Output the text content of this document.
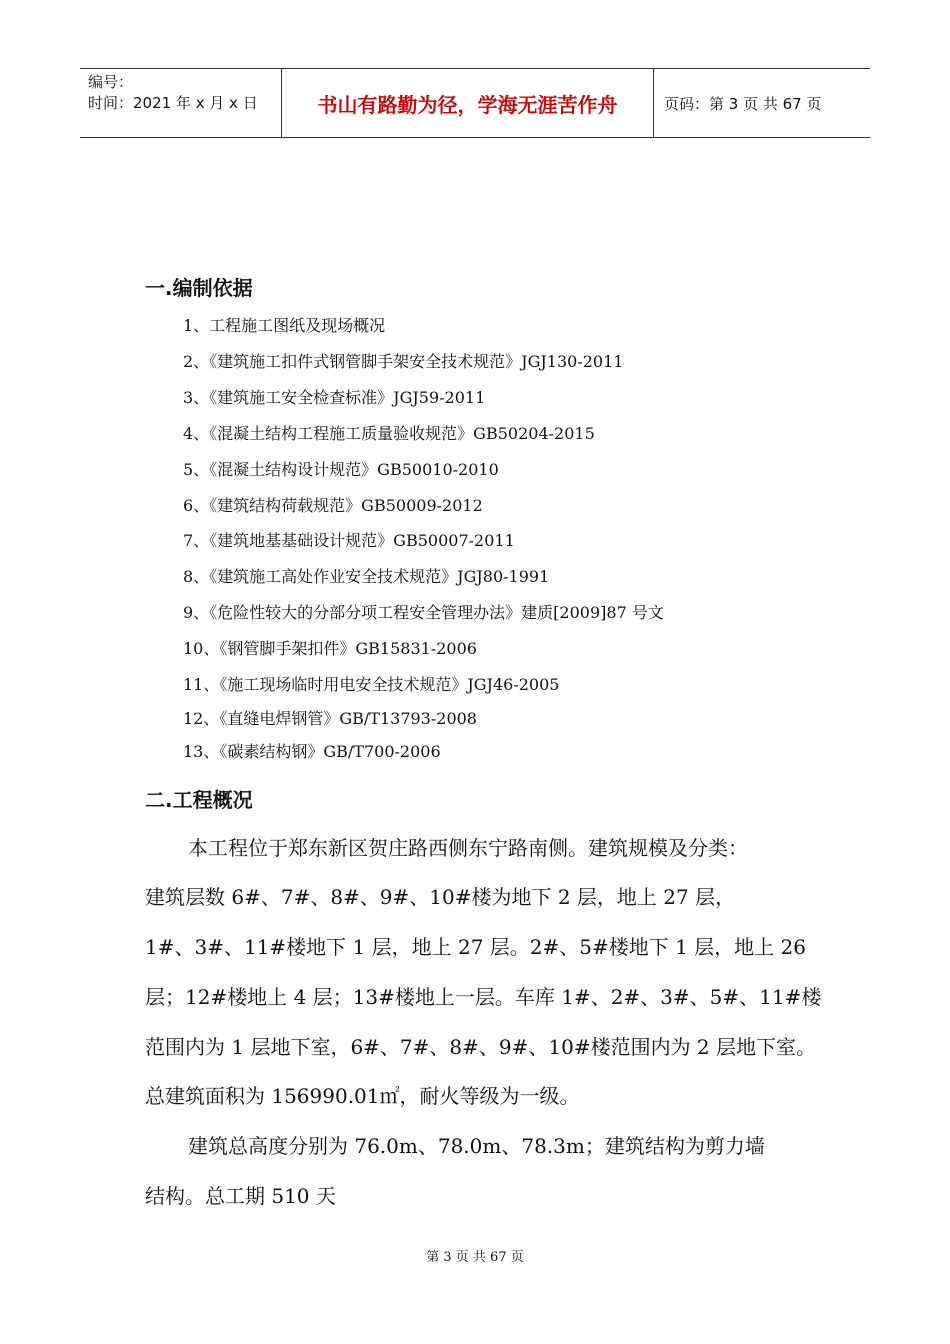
编号：
时间：2021 年 x 月 x 日	书山有路勤为径，学海无涯苦作舟	页码：第 3 页 共 67 页
一.编制依据
1、工程施工图纸及现场概况
2、《建筑施工扣件式钢管脚手架安全技术规范》JGJ130-2011
3、《建筑施工安全检查标准》JGJ59-2011
4、《混凝土结构工程施工质量验收规范》GB50204-2015
5、《混凝土结构设计规范》GB50010-2010
6、《建筑结构荷载规范》GB50009-2012
7、《建筑地基基础设计规范》GB50007-2011
8、《建筑施工高处作业安全技术规范》JGJ80-1991
9、《危险性较大的分部分项工程安全管理办法》建质[2009]87 号文
10、《钢管脚手架扣件》GB15831-2006
11、《施工现场临时用电安全技术规范》JGJ46-2005
12、《直缝电焊钢管》GB/T13793-2008
13、《碳素结构钢》GB/T700-2006
二.工程概况
本工程位于郑东新区贺庄路西侧东宁路南侧。建筑规模及分类：
建筑层数 6#、7#、8#、9#、10#楼为地下 2 层，地上 27 层，
1#、3#、11#楼地下 1 层，地上 27 层。2#、5#楼地下 1 层，地上 26
层；12#楼地上 4 层；13#楼地上一层。车库 1#、2#、3#、5#、11#楼
范围内为 1 层地下室，6#、7#、8#、9#、10#楼范围内为 2 层地下室。
总建筑面积为 156990.01㎡，耐火等级为一级。
建筑总高度分别为 76.0m、78.0m、78.3m；建筑结构为剪力墙
结构。总工期 510 天
第 3 页 共 67 页
